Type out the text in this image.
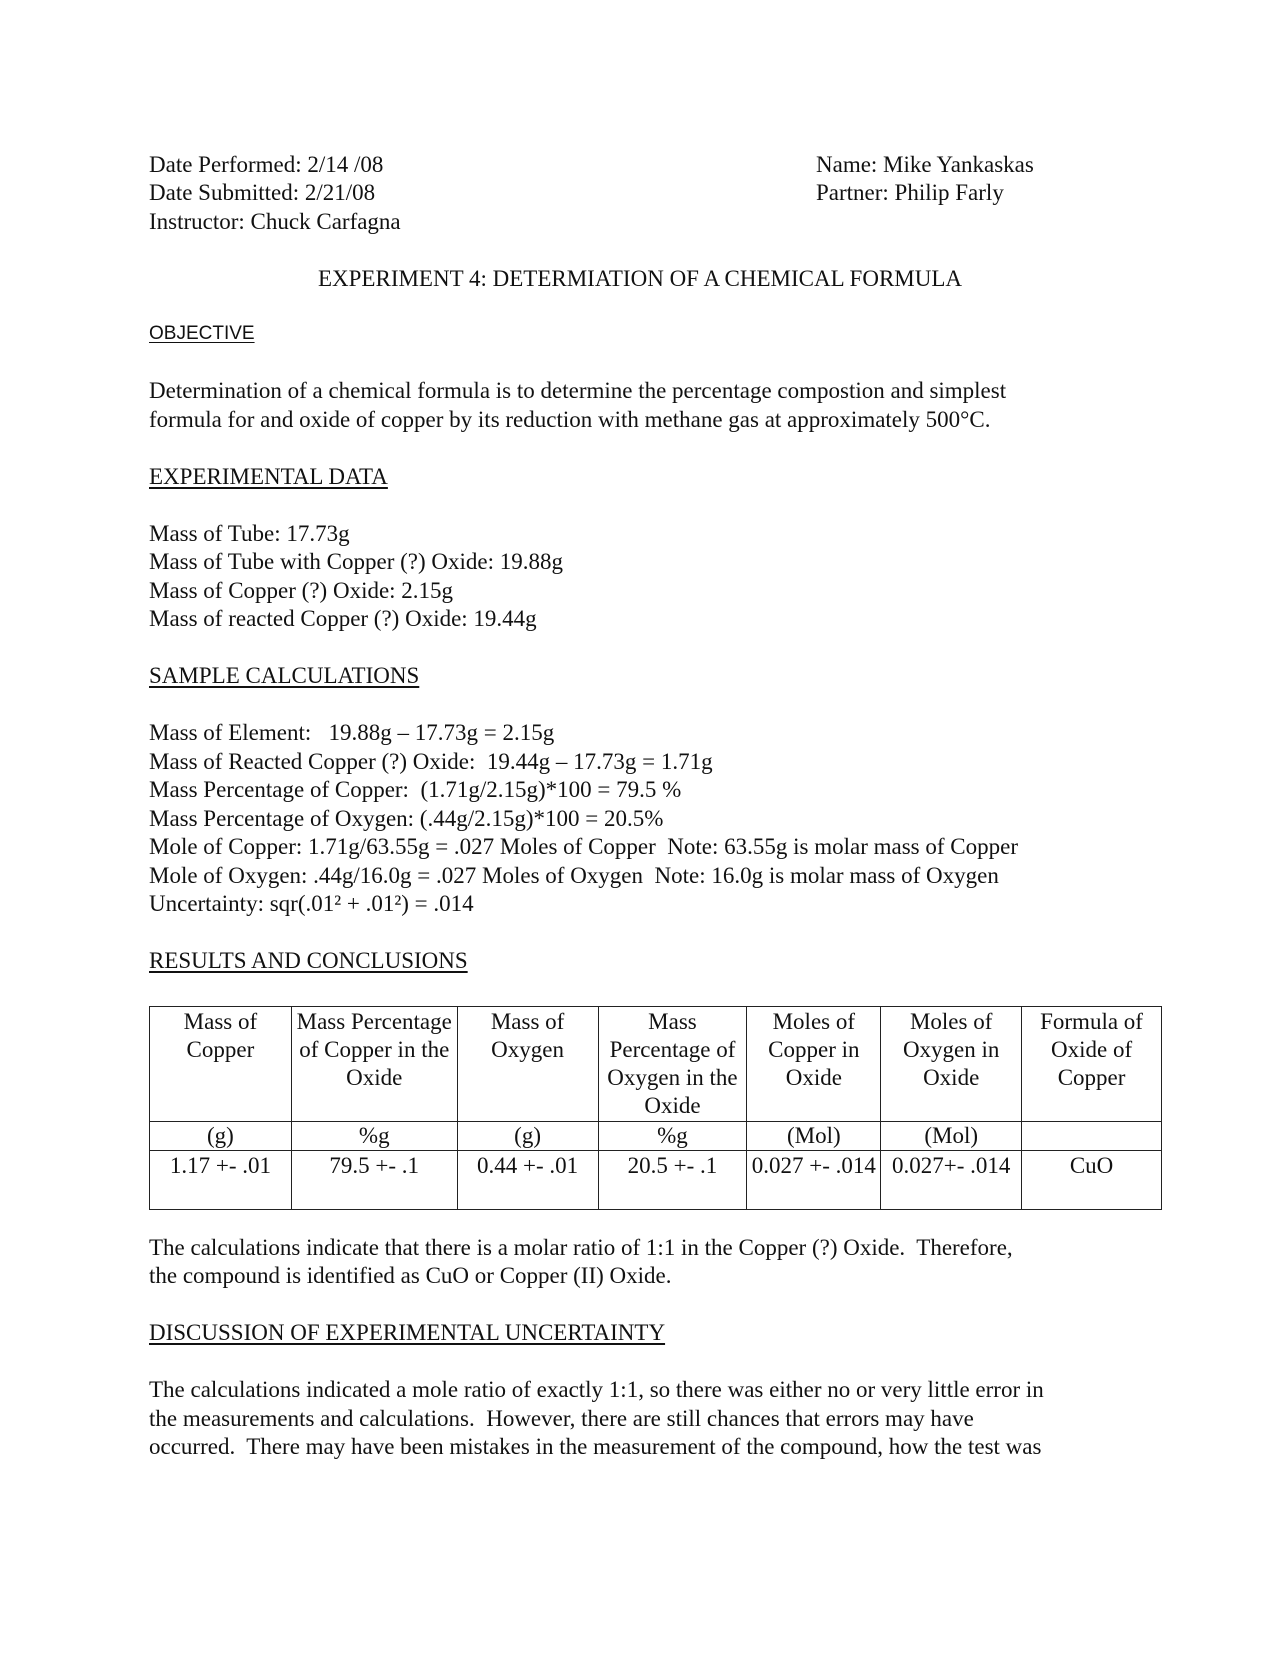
Date Performed: 2/14 /08
Date Submitted: 2/21/08
Instructor: Chuck Carfagna
Name: Mike Yankaskas
Partner: Philip Farly
EXPERIMENT 4: DETERMIATION OF A CHEMICAL FORMULA
OBJECTIVE
Determination of a chemical formula is to determine the percentage compostion and simplest
formula for and oxide of copper by its reduction with methane gas at approximately 500°C.
EXPERIMENTAL DATA
Mass of Tube: 17.73g
Mass of Tube with Copper (?) Oxide: 19.88g
Mass of Copper (?) Oxide: 2.15g
Mass of reacted Copper (?) Oxide: 19.44g
SAMPLE CALCULATIONS
Mass of Element:   19.88g – 17.73g = 2.15g
Mass of Reacted Copper (?) Oxide:  19.44g – 17.73g = 1.71g
Mass Percentage of Copper:  (1.71g/2.15g)*100 = 79.5 %
Mass Percentage of Oxygen: (.44g/2.15g)*100 = 20.5%
Mole of Copper: 1.71g/63.55g = .027 Moles of Copper  Note: 63.55g is molar mass of Copper
Mole of Oxygen: .44g/16.0g = .027 Moles of Oxygen  Note: 16.0g is molar mass of Oxygen
Uncertainty: sqr(.01² + .01²) = .014
RESULTS AND CONCLUSIONS
Mass of Copper	Mass Percentage of Copper in the Oxide	Mass of Oxygen	Mass Percentage of Oxygen in the Oxide	Moles of Copper in Oxide	Moles of Oxygen in Oxide	Formula of Oxide of Copper
(g)	%g	(g)	%g	(Mol)	(Mol)	
1.17 +- .01	79.5 +- .1	0.44 +- .01	20.5 +- .1	0.027 +- .014	0.027+- .014	CuO
The calculations indicate that there is a molar ratio of 1:1 in the Copper (?) Oxide.  Therefore,
the compound is identified as CuO or Copper (II) Oxide.
DISCUSSION OF EXPERIMENTAL UNCERTAINTY
The calculations indicated a mole ratio of exactly 1:1, so there was either no or very little error in
the measurements and calculations.  However, there are still chances that errors may have
occurred.  There may have been mistakes in the measurement of the compound, how the test was
